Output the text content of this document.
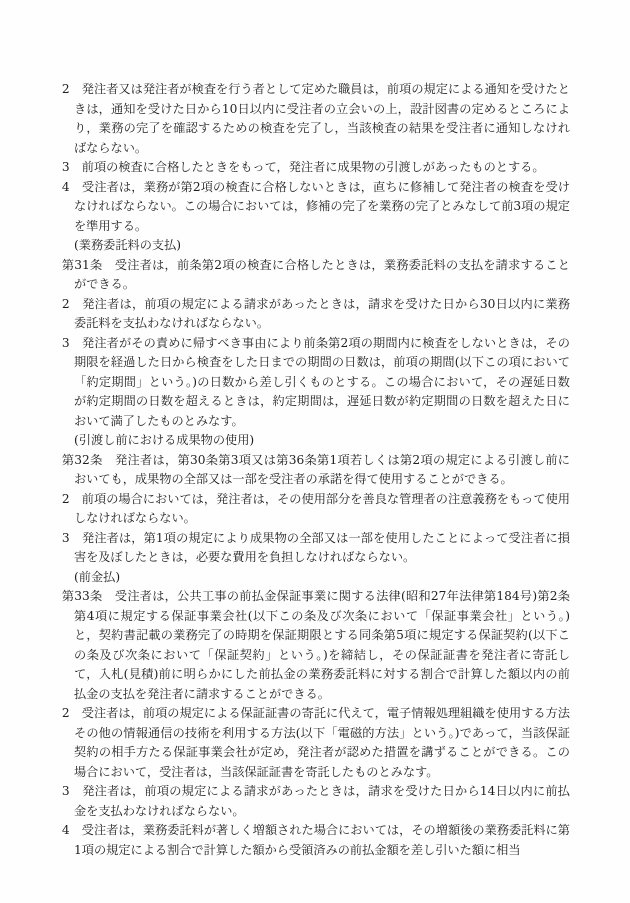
2　発注者又は発注者が検査を行う者として定めた職員は，前項の規定による通知を受けたときは，通知を受けた日から10日以内に受注者の立会いの上，設計図書の定めるところにより，業務の完了を確認するための検査を完了し，当該検査の結果を受注者に通知しなければならない。

3　前項の検査に合格したときをもって，発注者に成果物の引渡しがあったものとする。

4　受注者は，業務が第2項の検査に合格しないときは，直ちに修補して発注者の検査を受けなければならない。この場合においては，修補の完了を業務の完了とみなして前3項の規定を準用する。

(業務委託料の支払)

第31条　受注者は，前条第2項の検査に合格したときは，業務委託料の支払を請求することができる。

2　発注者は，前項の規定による請求があったときは，請求を受けた日から30日以内に業務委託料を支払わなければならない。

3　発注者がその責めに帰すべき事由により前条第2項の期間内に検査をしないときは，その期限を経過した日から検査をした日までの期間の日数は，前項の期間(以下この項において「約定期間」という。)の日数から差し引くものとする。この場合において，その遅延日数が約定期間の日数を超えるときは，約定期間は，遅延日数が約定期間の日数を超えた日において満了したものとみなす。

(引渡し前における成果物の使用)

第32条　発注者は，第30条第3項又は第36条第1項若しくは第2項の規定による引渡し前においても，成果物の全部又は一部を受注者の承諾を得て使用することができる。

2　前項の場合においては，発注者は，その使用部分を善良な管理者の注意義務をもって使用しなければならない。

3　発注者は，第1項の規定により成果物の全部又は一部を使用したことによって受注者に損害を及ぼしたときは，必要な費用を負担しなければならない。

(前金払)

第33条　受注者は，公共工事の前払金保証事業に関する法律(昭和27年法律第184号)第2条第4項に規定する保証事業会社(以下この条及び次条において「保証事業会社」という。)と，契約書記載の業務完了の時期を保証期限とする同条第5項に規定する保証契約(以下この条及び次条において「保証契約」という。)を締結し，その保証証書を発注者に寄託して，入札(見積)前に明らかにした前払金の業務委託料に対する割合で計算した額以内の前払金の支払を発注者に請求することができる。

2　受注者は，前項の規定による保証証書の寄託に代えて，電子情報処理組織を使用する方法その他の情報通信の技術を利用する方法(以下「電磁的方法」という。)であって，当該保証契約の相手方たる保証事業会社が定め，発注者が認めた措置を講ずることができる。この場合において，受注者は，当該保証証書を寄託したものとみなす。

3　発注者は，前項の規定による請求があったときは，請求を受けた日から14日以内に前払金を支払わなければならない。

4　受注者は，業務委託料が著しく増額された場合においては，その増額後の業務委託料に第1項の規定による割合で計算した額から受領済みの前払金額を差し引いた額に相当
